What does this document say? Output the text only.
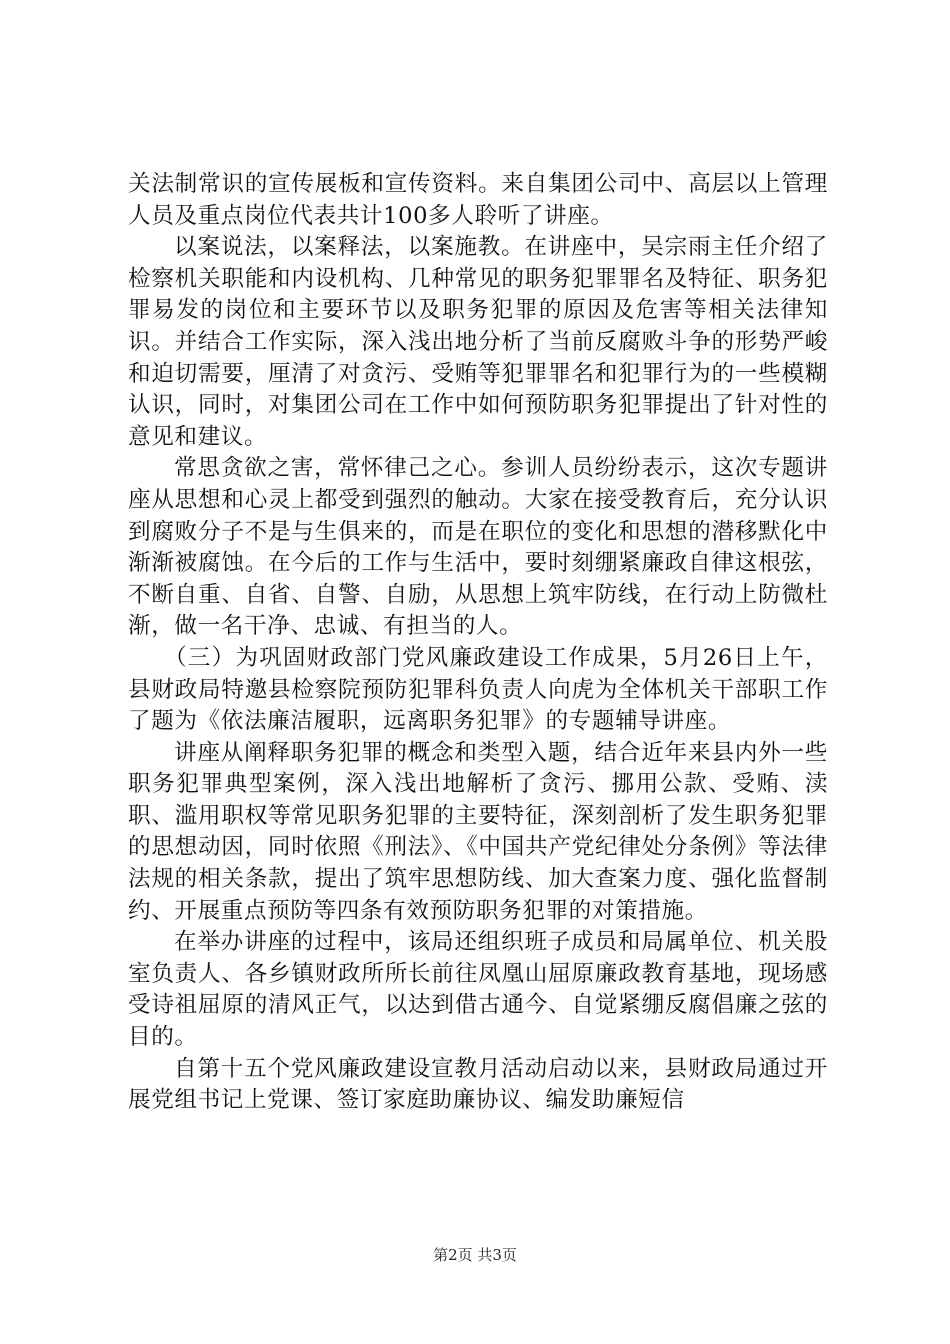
关法制常识的宣传展板和宣传资料。来自集团公司中、高层以上管理人员及重点岗位代表共计100多人聆听了讲座。

以案说法，以案释法，以案施教。在讲座中，吴宗雨主任介绍了检察机关职能和内设机构、几种常见的职务犯罪罪名及特征、职务犯罪易发的岗位和主要环节以及职务犯罪的原因及危害等相关法律知识。并结合工作实际，深入浅出地分析了当前反腐败斗争的形势严峻和迫切需要，厘清了对贪污、受贿等犯罪罪名和犯罪行为的一些模糊认识，同时，对集团公司在工作中如何预防职务犯罪提出了针对性的意见和建议。

常思贪欲之害，常怀律己之心。参训人员纷纷表示，这次专题讲座从思想和心灵上都受到强烈的触动。大家在接受教育后，充分认识到腐败分子不是与生俱来的，而是在职位的变化和思想的潜移默化中渐渐被腐蚀。在今后的工作与生活中，要时刻绷紧廉政自律这根弦，不断自重、自省、自警、自励，从思想上筑牢防线，在行动上防微杜渐，做一名干净、忠诚、有担当的人。

（三）为巩固财政部门党风廉政建设工作成果，5月26日上午，县财政局特邀县检察院预防犯罪科负责人向虎为全体机关干部职工作了题为《依法廉洁履职，远离职务犯罪》的专题辅导讲座。

讲座从阐释职务犯罪的概念和类型入题，结合近年来县内外一些职务犯罪典型案例，深入浅出地解析了贪污、挪用公款、受贿、渎职、滥用职权等常见职务犯罪的主要特征，深刻剖析了发生职务犯罪的思想动因，同时依照《刑法》、《中国共产党纪律处分条例》等法律法规的相关条款，提出了筑牢思想防线、加大查案力度、强化监督制约、开展重点预防等四条有效预防职务犯罪的对策措施。

在举办讲座的过程中，该局还组织班子成员和局属单位、机关股室负责人、各乡镇财政所所长前往凤凰山屈原廉政教育基地，现场感受诗祖屈原的清风正气，以达到借古通今、自觉紧绷反腐倡廉之弦的目的。

自第十五个党风廉政建设宣教月活动启动以来，县财政局通过开展党组书记上党课、签订家庭助廉协议、编发助廉短信

第2页 共3页
